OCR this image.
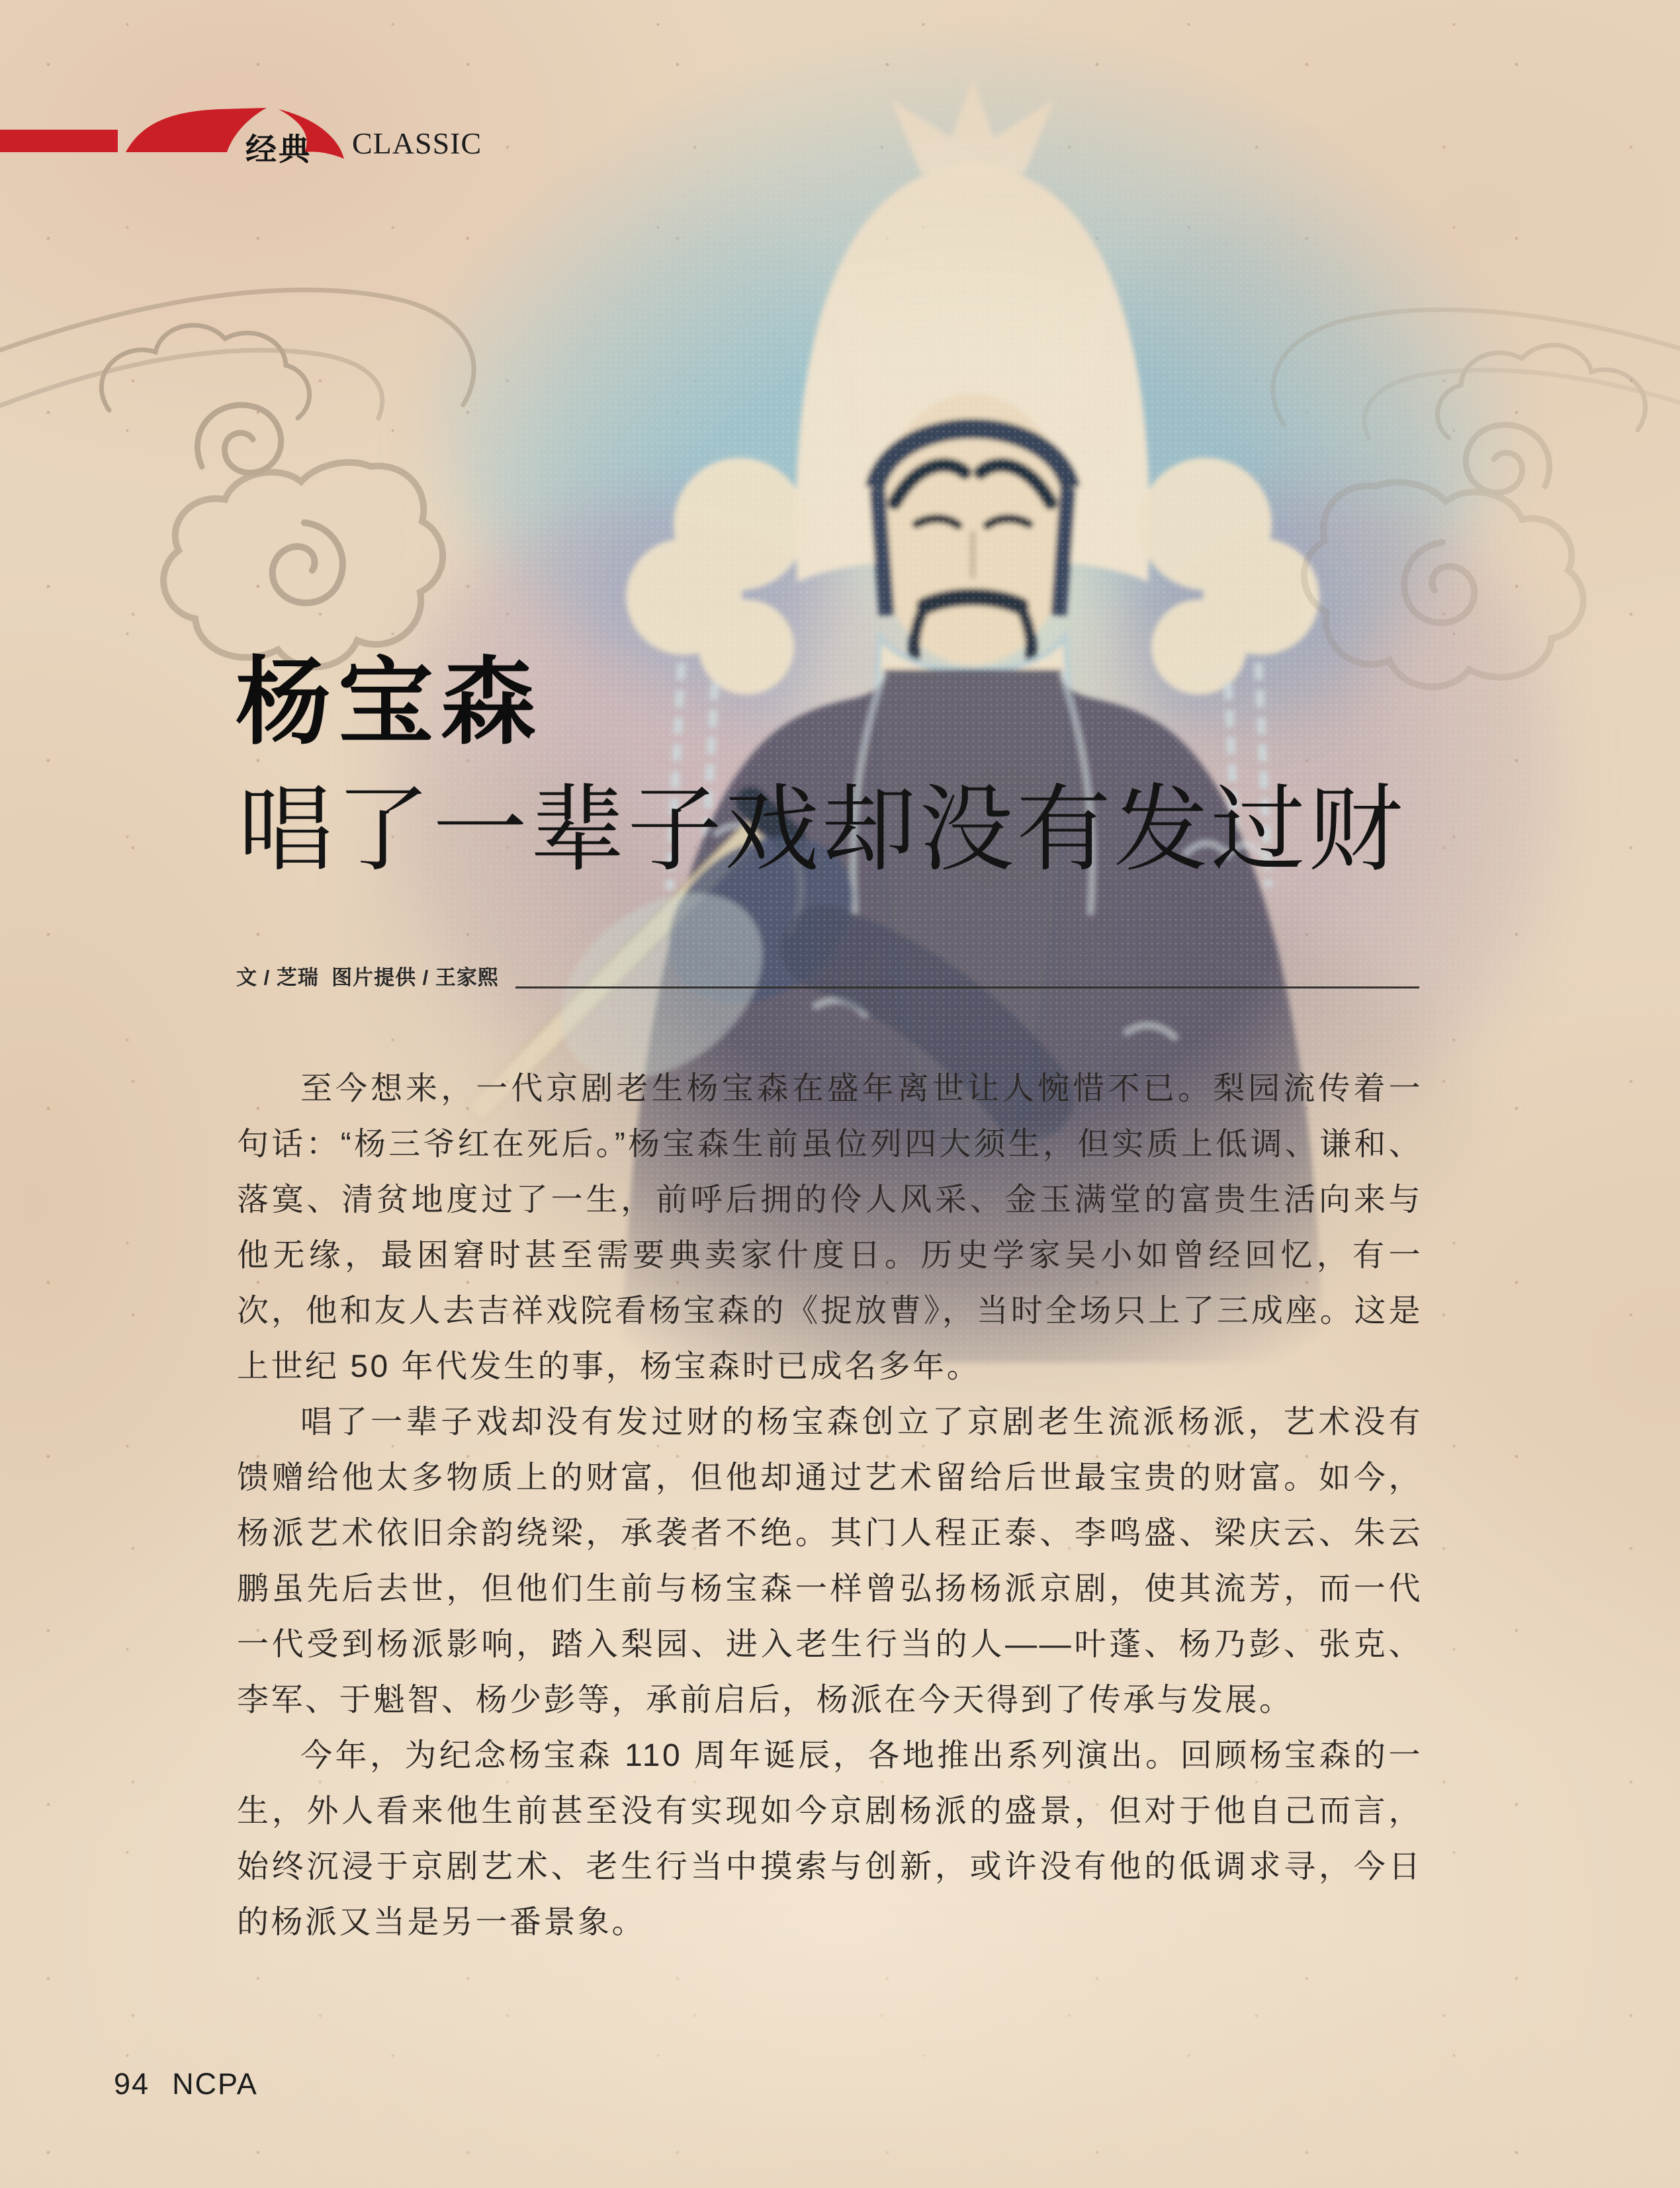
经典 CLASSIC
杨宝森
唱了一辈子戏却没有发过财
文 / 芝瑞  图片提供 / 王家熙

至今想来，一代京剧老生杨宝森在盛年离世让人惋惜不已。梨园流传着一句话：“杨三爷红在死后。”杨宝森生前虽位列四大须生，但实质上低调、谦和、落寞、清贫地度过了一生，前呼后拥的伶人风采、金玉满堂的富贵生活向来与他无缘，最困窘时甚至需要典卖家什度日。历史学家吴小如曾经回忆，有一次，他和友人去吉祥戏院看杨宝森的《捉放曹》，当时全场只上了三成座。这是上世纪 50 年代发生的事，杨宝森时已成名多年。

唱了一辈子戏却没有发过财的杨宝森创立了京剧老生流派杨派，艺术没有馈赠给他太多物质上的财富，但他却通过艺术留给后世最宝贵的财富。如今，杨派艺术依旧余韵绕梁，承袭者不绝。其门人程正泰、李鸣盛、梁庆云、朱云鹏虽先后去世，但他们生前与杨宝森一样曾弘扬杨派京剧，使其流芳，而一代一代受到杨派影响，踏入梨园、进入老生行当的人——叶蓬、杨乃彭、张克、李军、于魁智、杨少彭等，承前启后，杨派在今天得到了传承与发展。

今年，为纪念杨宝森 110 周年诞辰，各地推出系列演出。回顾杨宝森的一生，外人看来他生前甚至没有实现如今京剧杨派的盛景，但对于他自己而言，始终沉浸于京剧艺术、老生行当中摸索与创新，或许没有他的低调求寻，今日的杨派又当是另一番景象。

94 NCPA
